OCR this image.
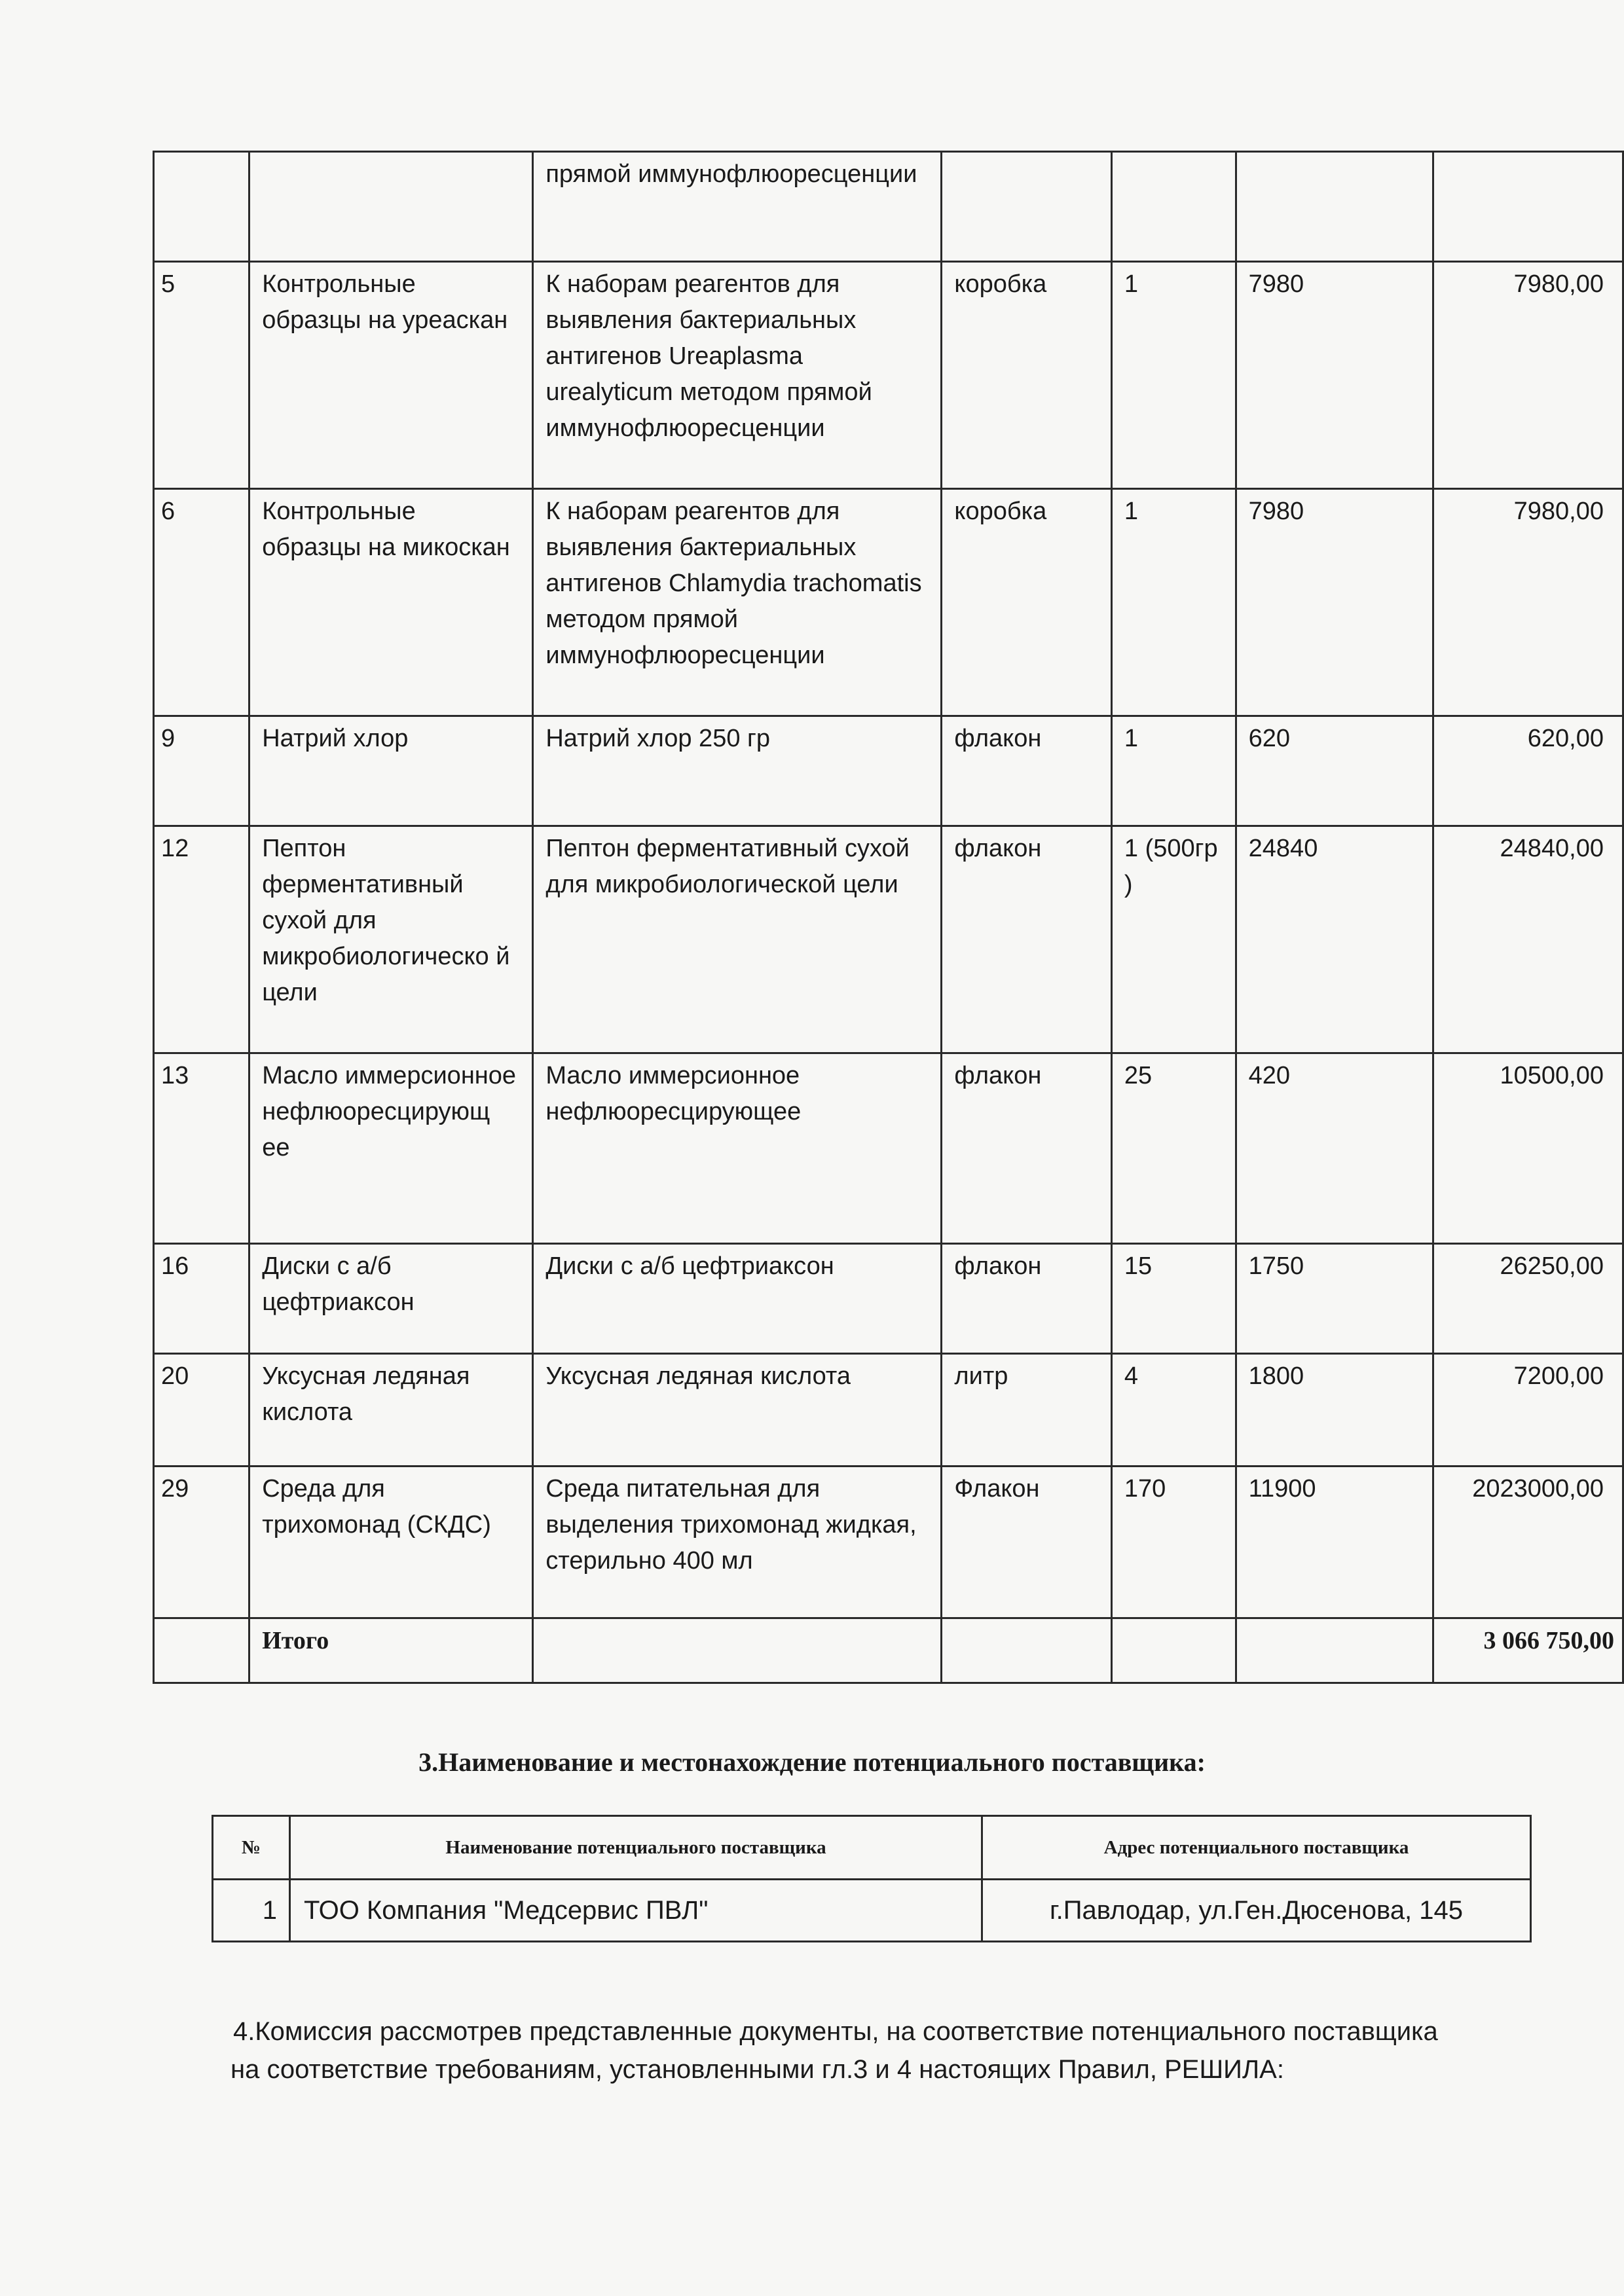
		прямой иммунофлюоресценции				
5	Контрольные образцы на уреаскан	К наборам реагентов для выявления бактериальных антигенов Ureaplasma urealyticum методом прямой иммунофлюоресценции	коробка	1	7980	7980,00
6	Контрольные образцы на микоскан	К наборам реагентов для выявления бактериальных антигенов Chlamydia trachomatis методом прямой иммунофлюоресценции	коробка	1	7980	7980,00
9	Натрий хлор	Натрий хлор 250 гр	флакон	1	620	620,00
12	Пептон ферментативный сухой для микробиологическо й цели	Пептон ферментативный сухой для микробиологической цели	флакон	1 (500гр )	24840	24840,00
13	Масло иммерсионное нефлюоресцирующ ее	Масло иммерсионное нефлюоресцирующее	флакон	25	420	10500,00
16	Диски с а/б цефтриаксон	Диски с а/б цефтриаксон	флакон	15	1750	26250,00
20	Уксусная ледяная кислота	Уксусная ледяная кислота	литр	4	1800	7200,00
29	Среда для трихомонад (СКДС)	Среда питательная для выделения трихомонад жидкая, стерильно 400 мл	Флакон	170	11900	2023000,00
	Итого					3 066 750,00
3.Наименование и местонахождение потенциального поставщика:
№	Наименование потенциального поставщика	Адрес потенциального поставщика
1	ТОО Компания "Медсервис ПВЛ"	г.Павлодар, ул.Ген.Дюсенова, 145
4.Комиссия рассмотрев представленные документы, на соответствие потенциального поставщика
на соответствие требованиям, установленными гл.3 и 4 настоящих Правил, РЕШИЛА:
